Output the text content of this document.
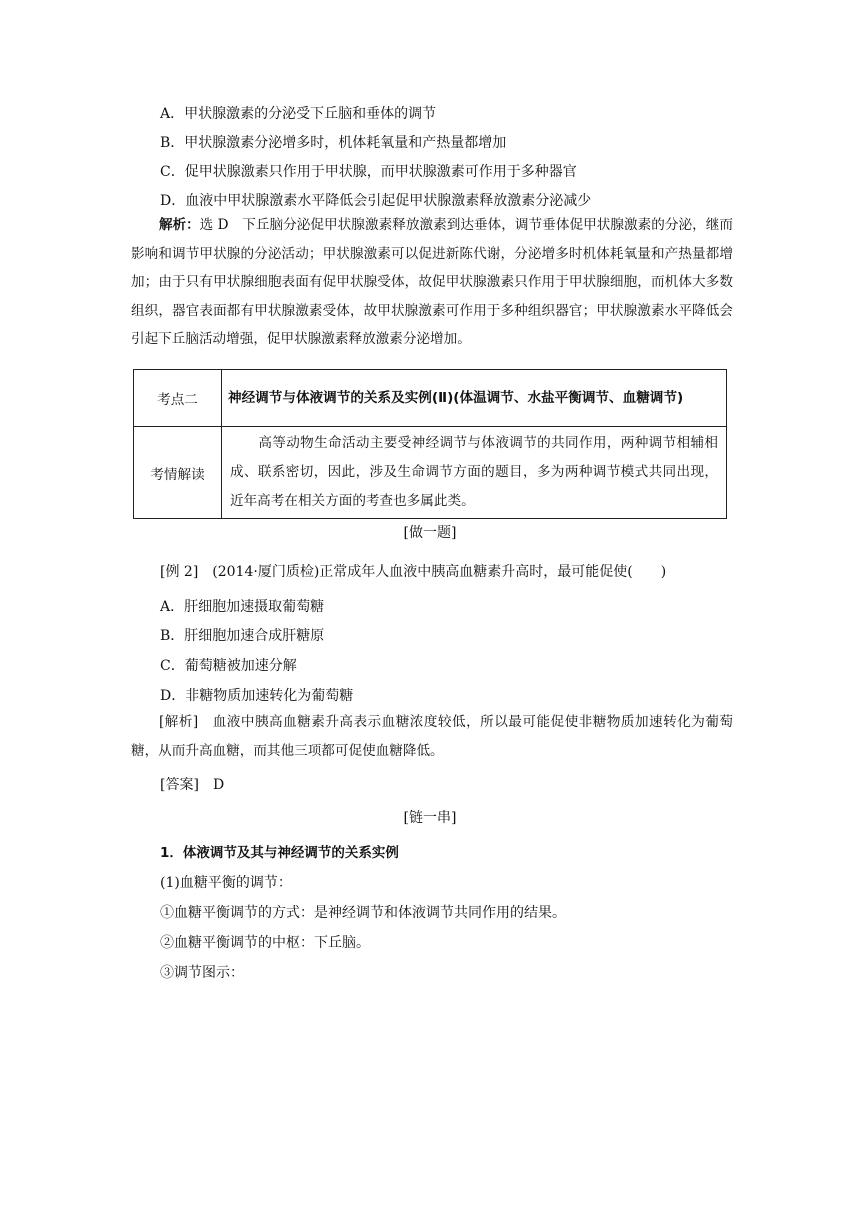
A．甲状腺激素的分泌受下丘脑和垂体的调节
B．甲状腺激素分泌增多时，机体耗氧量和产热量都增加
C．促甲状腺激素只作用于甲状腺，而甲状腺激素可作用于多种器官
D．血液中甲状腺激素水平降低会引起促甲状腺激素释放激素分泌减少
解析：选 D　下丘脑分泌促甲状腺激素释放激素到达垂体，调节垂体促甲状腺激素的分泌，继而影响和调节甲状腺的分泌活动；甲状腺激素可以促进新陈代谢，分泌增多时机体耗氧量和产热量都增加；由于只有甲状腺细胞表面有促甲状腺受体，故促甲状腺激素只作用于甲状腺细胞，而机体大多数组织，器官表面都有甲状腺激素受体，故甲状腺激素可作用于多种组织器官；甲状腺激素水平降低会引起下丘脑活动增强，促甲状腺激素释放激素分泌增加。
考点二	神经调节与体液调节的关系及实例(Ⅱ)(体温调节、水盐平衡调节、血糖调节)
考情解读	高等动物生命活动主要受神经调节与体液调节的共同作用，两种调节相辅相成、联系密切，因此，涉及生命调节方面的题目，多为两种调节模式共同出现，近年高考在相关方面的考查也多属此类。
[做一题]
[例 2] (2014·厦门质检)正常成年人血液中胰高血糖素升高时，最可能促使(　　)
A．肝细胞加速摄取葡萄糖
B．肝细胞加速合成肝糖原
C．葡萄糖被加速分解
D．非糖物质加速转化为葡萄糖
[解析] 血液中胰高血糖素升高表示血糖浓度较低，所以最可能促使非糖物质加速转化为葡萄糖，从而升高血糖，而其他三项都可促使血糖降低。
[答案] D
[链一串]
1．体液调节及其与神经调节的关系实例
(1)血糖平衡的调节：
①血糖平衡调节的方式：是神经调节和体液调节共同作用的结果。
②血糖平衡调节的中枢：下丘脑。
③调节图示：
